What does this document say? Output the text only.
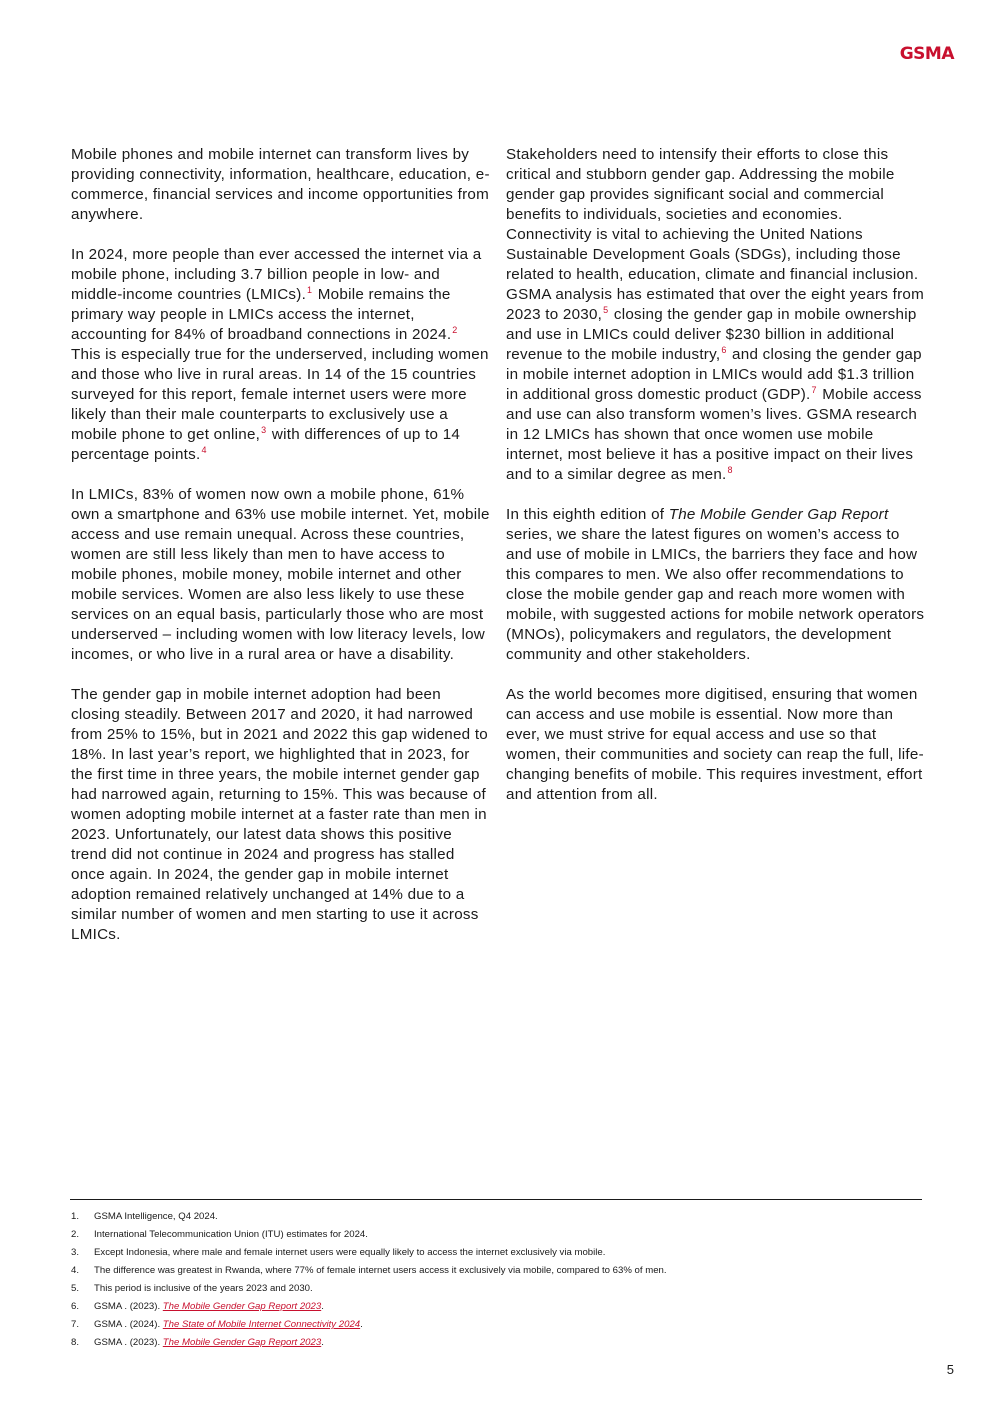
GSMA

Mobile phones and mobile internet can transform lives by providing connectivity, information, healthcare, education, e-commerce, financial services and income opportunities from anywhere.

In 2024, more people than ever accessed the internet via a mobile phone, including 3.7 billion people in low- and middle-income countries (LMICs).$^1$ Mobile remains the primary way people in LMICs access the internet, accounting for 84% of broadband connections in 2024.$^2$ This is especially true for the underserved, including women and those who live in rural areas. In 14 of the 15 countries surveyed for this report, female internet users were more likely than their male counterparts to exclusively use a mobile phone to get online,$^3$ with differences of up to 14 percentage points.$^4$

In LMICs, 83% of women now own a mobile phone, 61% own a smartphone and 63% use mobile internet. Yet, mobile access and use remain unequal. Across these countries, women are still less likely than men to have access to mobile phones, mobile money, mobile internet and other mobile services. Women are also less likely to use these services on an equal basis, particularly those who are most underserved – including women with low literacy levels, low incomes, or who live in a rural area or have a disability.

The gender gap in mobile internet adoption had been closing steadily. Between 2017 and 2020, it had narrowed from 25% to 15%, but in 2021 and 2022 this gap widened to 18%. In last year’s report, we highlighted that in 2023, for the first time in three years, the mobile internet gender gap had narrowed again, returning to 15%. This was because of women adopting mobile internet at a faster rate than men in 2023. Unfortunately, our latest data shows this positive trend did not continue in 2024 and progress has stalled once again. In 2024, the gender gap in mobile internet adoption remained relatively unchanged at 14% due to a similar number of women and men starting to use it across LMICs.

Stakeholders need to intensify their efforts to close this critical and stubborn gender gap. Addressing the mobile gender gap provides significant social and commercial benefits to individuals, societies and economies. Connectivity is vital to achieving the United Nations Sustainable Development Goals (SDGs), including those related to health, education, climate and financial inclusion. GSMA analysis has estimated that over the eight years from 2023 to 2030,$^5$ closing the gender gap in mobile ownership and use in LMICs could deliver $230 billion in additional revenue to the mobile industry,$^6$ and closing the gender gap in mobile internet adoption in LMICs would add $1.3 trillion in additional gross domestic product (GDP).$^7$ Mobile access and use can also transform women’s lives. GSMA research in 12 LMICs has shown that once women use mobile internet, most believe it has a positive impact on their lives and to a similar degree as men.$^8$

In this eighth edition of The Mobile Gender Gap Report series, we share the latest figures on women’s access to and use of mobile in LMICs, the barriers they face and how this compares to men. We also offer recommendations to close the mobile gender gap and reach more women with mobile, with suggested actions for mobile network operators (MNOs), policymakers and regulators, the development community and other stakeholders.

As the world becomes more digitised, ensuring that women can access and use mobile is essential. Now more than ever, we must strive for equal access and use so that women, their communities and society can reap the full, life-changing benefits of mobile. This requires investment, effort and attention from all.

1.	GSMA Intelligence, Q4 2024.
2.	International Telecommunication Union (ITU) estimates for 2024.
3.	Except Indonesia, where male and female internet users were equally likely to access the internet exclusively via mobile.
4.	The difference was greatest in Rwanda, where 77% of female internet users access it exclusively via mobile, compared to 63% of men.
5.	This period is inclusive of the years 2023 and 2030.
6.	GSMA . (2023). The Mobile Gender Gap Report 2023.
7.	GSMA . (2024). The State of Mobile Internet Connectivity 2024.
8.	GSMA . (2023). The Mobile Gender Gap Report 2023.
5
